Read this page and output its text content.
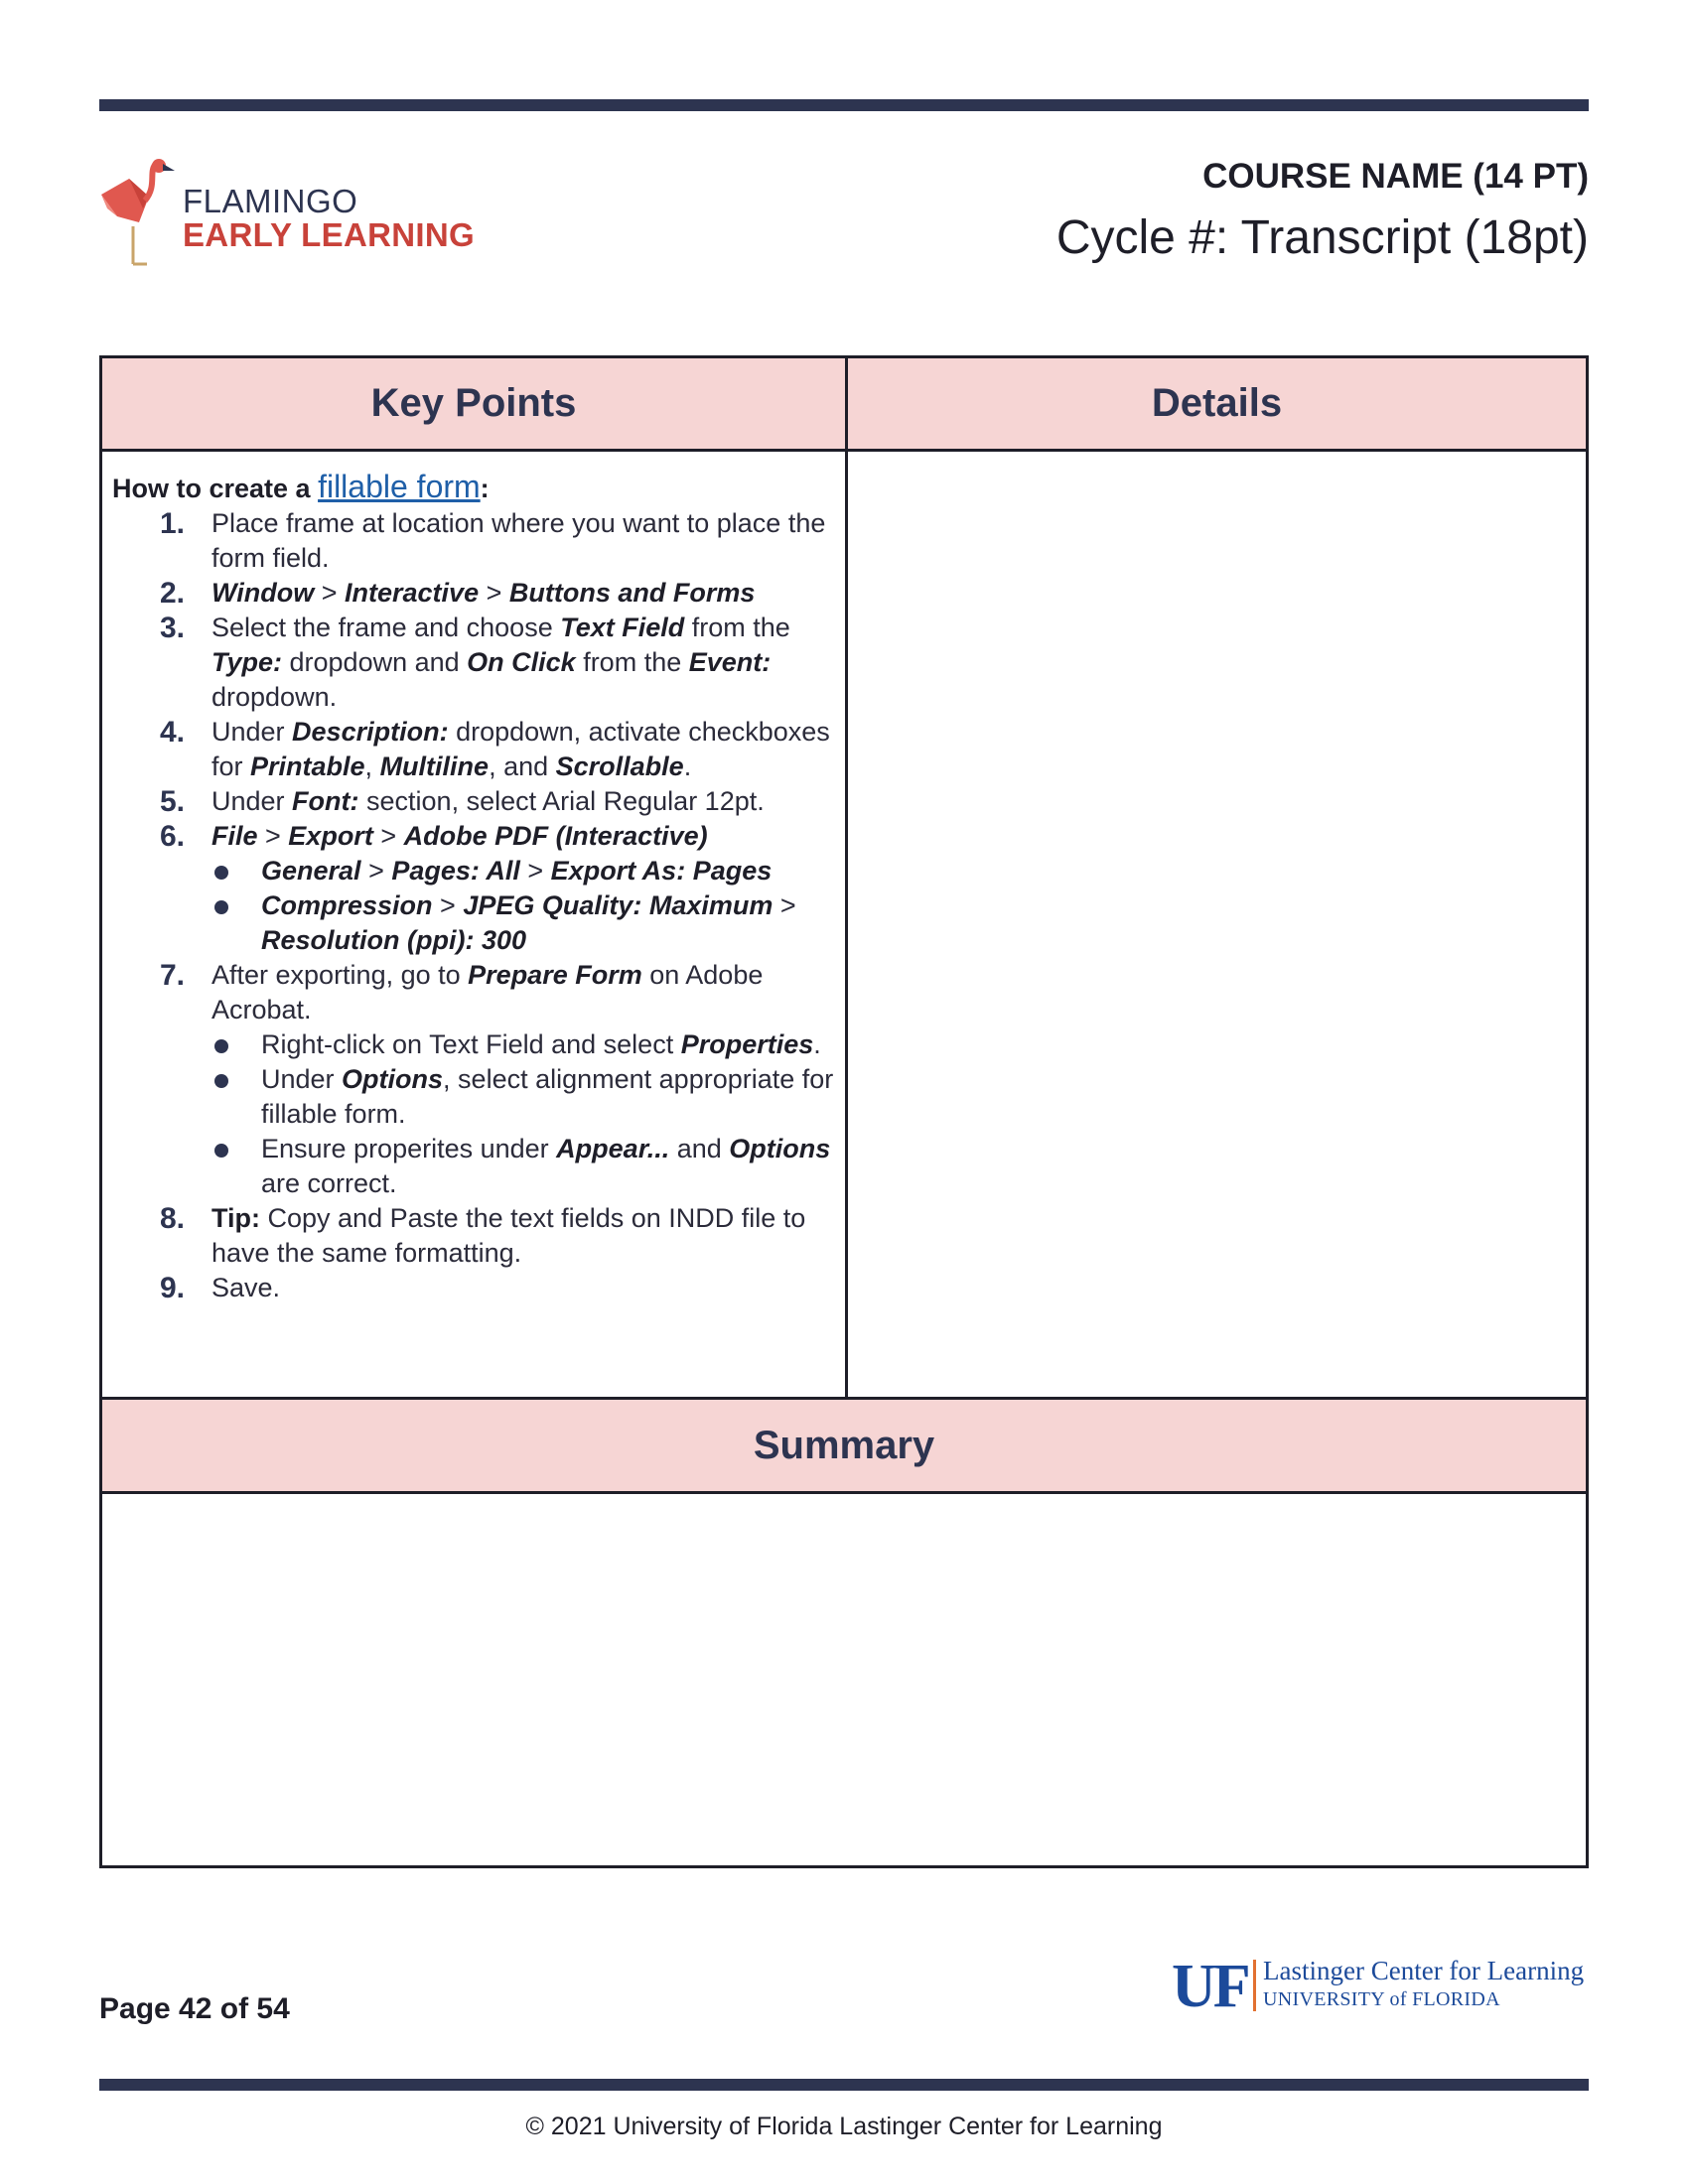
FLAMINGO
EARLY LEARNING
COURSE NAME (14 PT)
Cycle #: Transcript (18pt)
Key Points	Details
How to create a fillable form:
1. Place frame at location where you want to place the form field.
2. Window > Interactive > Buttons and Forms
3. Select the frame and choose Text Field from the Type: dropdown and On Click from the Event: dropdown.
4. Under Description: dropdown, activate checkboxes for Printable, Multiline, and Scrollable.
5. Under Font: section, select Arial Regular 12pt.
6. File > Export > Adobe PDF (Interactive)
General > Pages: All > Export As: Pages
Compression > JPEG Quality: Maximum > Resolution (ppi): 300
7. After exporting, go to Prepare Form on Adobe Acrobat.
Right-click on Text Field and select Properties.
Under Options, select alignment appropriate for fillable form.
Ensure properites under Appear... and Options are correct.
8. Tip: Copy and Paste the text fields on INDD file to have the same formatting.
9. Save.
Summary
Page 42 of 54	UF Lastinger Center for Learning
UNIVERSITY of FLORIDA
© 2021 University of Florida Lastinger Center for Learning
